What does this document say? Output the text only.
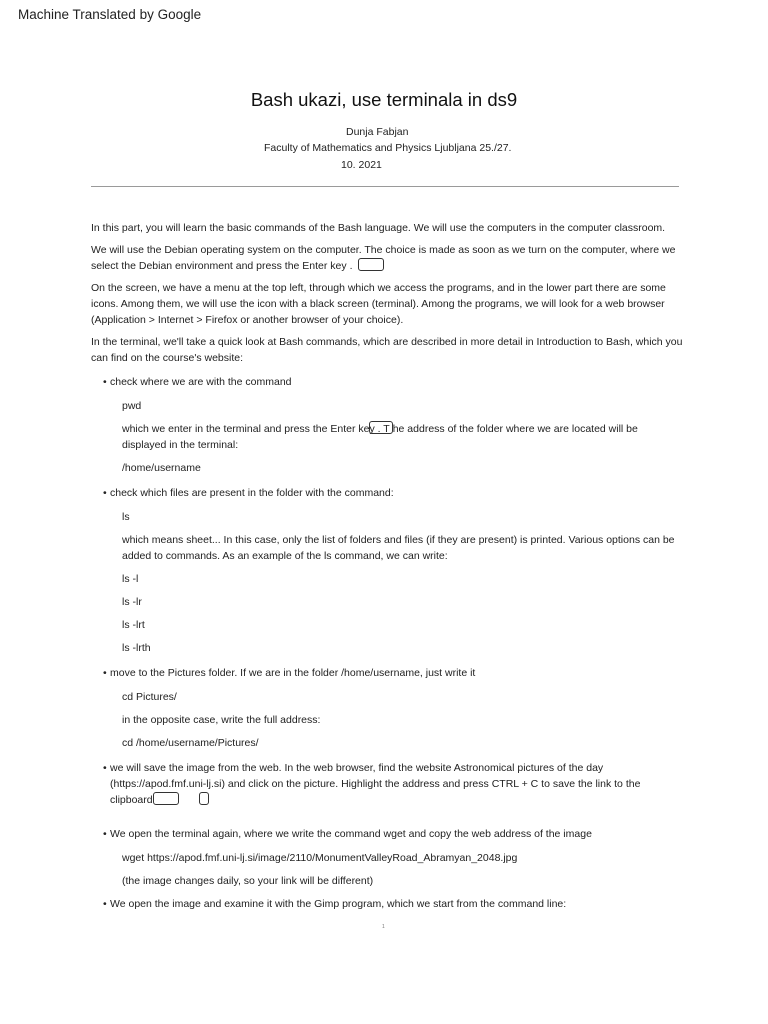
Machine Translated by Google
Bash ukazi, use terminala in ds9
Dunja Fabjan
Faculty of Mathematics and Physics Ljubljana 25./27.
10. 2021

In this part, you will learn the basic commands of the Bash language. We will use the computers in the computer classroom.

We will use the Debian operating system on the computer. The choice is made as soon as we turn on the computer, where we select the Debian environment and press the Enter key .

On the screen, we have a menu at the top left, through which we access the programs, and in the lower part there are some icons. Among them, we will use the icon with a black screen (terminal). Among the programs, we will look for a web browser (Application > Internet > Firefox or another browser of your choice).

In the terminal, we'll take a quick look at Bash commands, which are described in more detail in Introduction to Bash, which you can find on the course's website:

• check where we are with the command
pwd
which we enter in the terminal and press the Enter key . T he address of the folder where we are located will be displayed in the terminal:
/home/username
• check which files are present in the folder with the command:
ls
which means sheet... In this case, only the list of folders and files (if they are present) is printed. Various options can be added to commands. As an example of the ls command, we can write:
ls -l
ls -lr
ls -lrt
ls -lrth
• move to the Pictures folder. If we are in the folder /home/username, just write it
cd Pictures/
in the opposite case, write the full address:
cd /home/username/Pictures/
• we will save the image from the web. In the web browser, find the website Astronomical pictures of the day (https://apod.fmf.uni-lj.si) and click on the picture. Highlight the address and press CTRL + C to save the link to the clipboard
• We open the terminal again, where we write the command wget and copy the web address of the image
wget https://apod.fmf.uni-lj.si/image/2110/MonumentValleyRoad_Abramyan_2048.jpg
(the image changes daily, so your link will be different)
• We open the image and examine it with the Gimp program, which we start from the command line:
1
